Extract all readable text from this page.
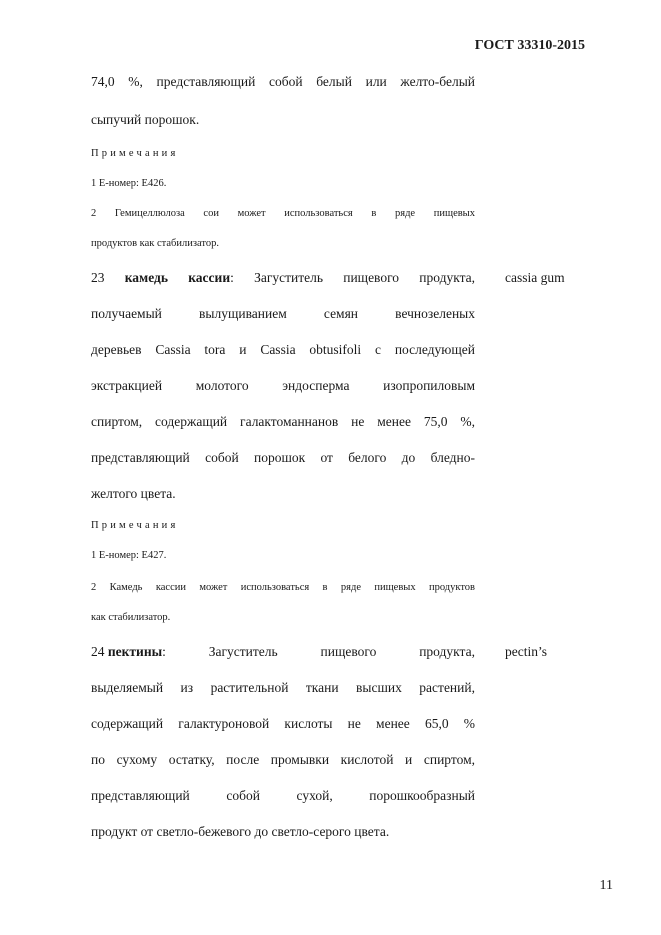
ГОСТ 33310-2015
74,0 %, представляющий собой белый или желто-белый
сыпучий порошок.
Примечания
1 Е-номер: Е426.
2 Гемицеллюлоза сои может использоваться в ряде пищевых
продуктов как стабилизатор.
23 камедь кассии: Загуститель пищевого продукта,
получаемый вылущиванием семян вечнозеленых
деревьев Cassia tora и Cassia obtusifoli с последующей
экстракцией молотого эндосперма изопропиловым
спиртом, содержащий галактоманнанов не менее 75,0 %,
представляющий собой порошок от белого до бледно-
желтого цвета.
Примечания
1 Е-номер: Е427.
2 Камедь кассии может использоваться в ряде пищевых продуктов
как стабилизатор.
24 пектины:	Загуститель	пищевого	продукта,
выделяемый из растительной ткани высших растений,
содержащий галактуроновой кислоты не менее 65,0 %
по сухому остатку, после промывки кислотой и спиртом,
представляющий собой сухой, порошкообразный
продукт от светло-бежевого до светло-серого цвета.
cassia gum
pectin’s
11
